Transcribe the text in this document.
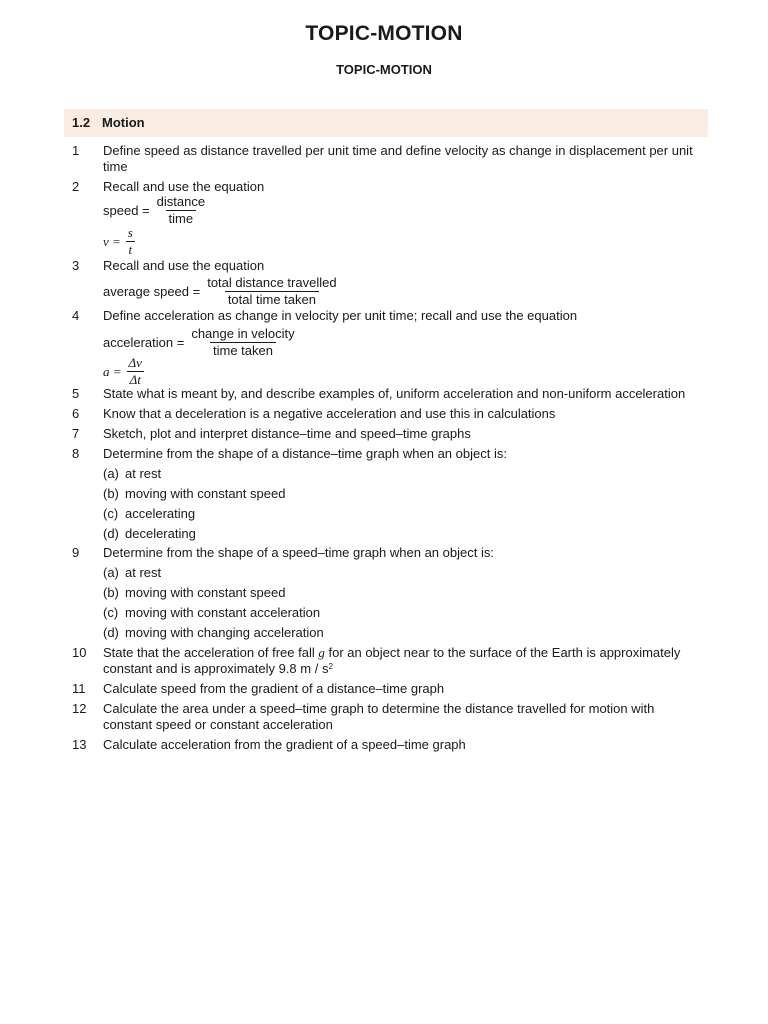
TOPIC-MOTION
TOPIC-MOTION
1.2 Motion
1	Define speed as distance travelled per unit time and define velocity as change in displacement per unit
time
2	Recall and use the equation
speed = $\frac{\text{distance}}{\text{time}}$
$v = \frac{s}{t}$
3	Recall and use the equation
average speed = $\frac{\text{total distance travelled}}{\text{total time taken}}$
4	Define acceleration as change in velocity per unit time; recall and use the equation
acceleration = $\frac{\text{change in velocity}}{\text{time taken}}$
$a = \frac{\Delta v}{\Delta t}$
5	State what is meant by, and describe examples of, uniform acceleration and non-uniform acceleration
6	Know that a deceleration is a negative acceleration and use this in calculations
7	Sketch, plot and interpret distance–time and speed–time graphs
8	Determine from the shape of a distance–time graph when an object is:
(a) at rest
(b) moving with constant speed
(c) accelerating
(d) decelerating
9	Determine from the shape of a speed–time graph when an object is:
(a) at rest
(b) moving with constant speed
(c) moving with constant acceleration
(d) moving with changing acceleration
10	State that the acceleration of free fall g for an object near to the surface of the Earth is approximately
constant and is approximately 9.8 m / $s^2$
11	Calculate speed from the gradient of a distance–time graph
12	Calculate the area under a speed–time graph to determine the distance travelled for motion with
constant speed or constant acceleration
13	Calculate acceleration from the gradient of a speed–time graph
